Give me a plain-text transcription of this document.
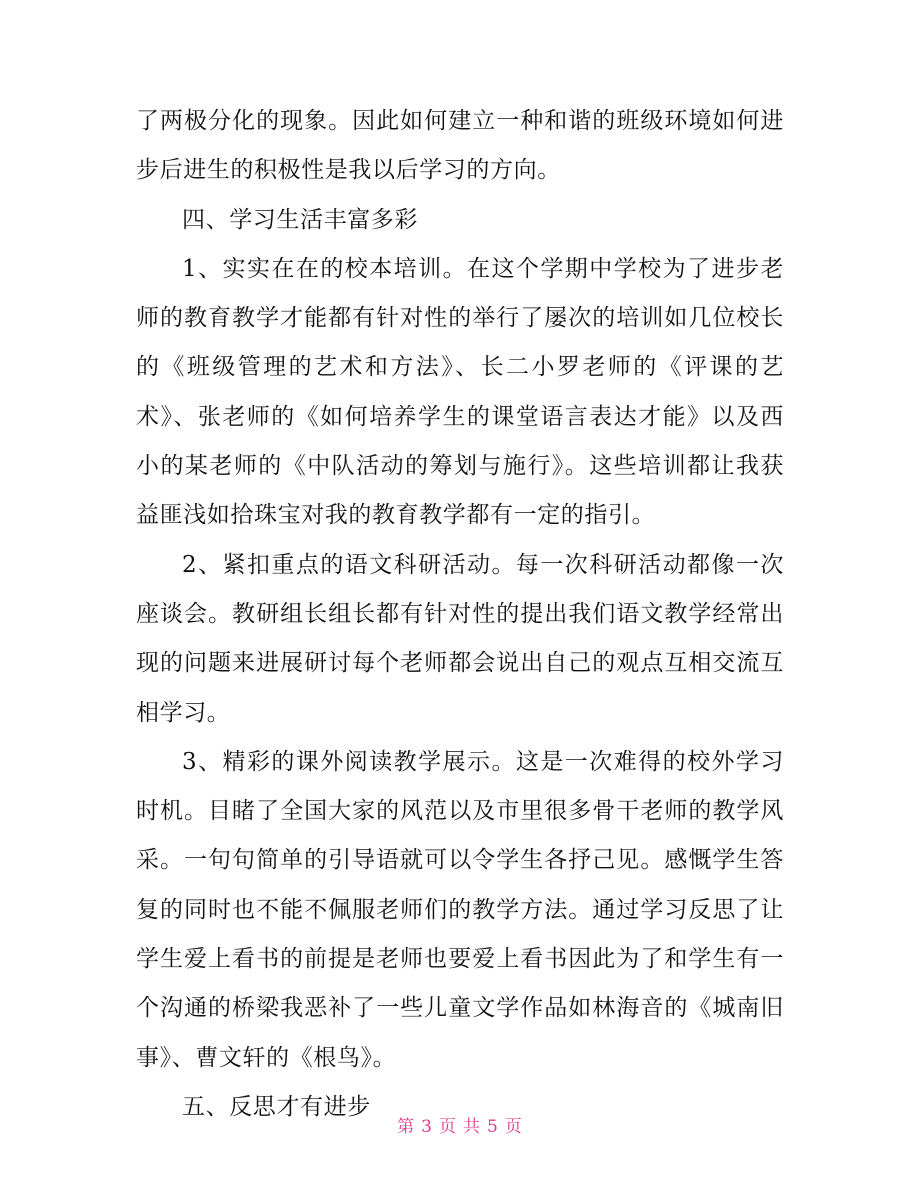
了两极分化的现象。因此如何建立一种和谐的班级环境如何进步后进生的积极性是我以后学习的方向。

四、学习生活丰富多彩

1、实实在在的校本培训。在这个学期中学校为了进步老师的教育教学才能都有针对性的举行了屡次的培训如几位校长的《班级管理的艺术和方法》、长二小罗老师的《评课的艺术》、张老师的《如何培养学生的课堂语言表达才能》以及西小的某老师的《中队活动的筹划与施行》。这些培训都让我获益匪浅如拾珠宝对我的教育教学都有一定的指引。

2、紧扣重点的语文科研活动。每一次科研活动都像一次座谈会。教研组长组长都有针对性的提出我们语文教学经常出现的问题来进展研讨每个老师都会说出自己的观点互相交流互相学习。

3、精彩的课外阅读教学展示。这是一次难得的校外学习时机。目睹了全国大家的风范以及市里很多骨干老师的教学风采。一句句简单的引导语就可以令学生各抒己见。感慨学生答复的同时也不能不佩服老师们的教学方法。通过学习反思了让学生爱上看书的前提是老师也要爱上看书因此为了和学生有一个沟通的桥梁我恶补了一些儿童文学作品如林海音的《城南旧事》、曹文轩的《根鸟》。

五、反思才有进步

第 3 页 共 5 页
